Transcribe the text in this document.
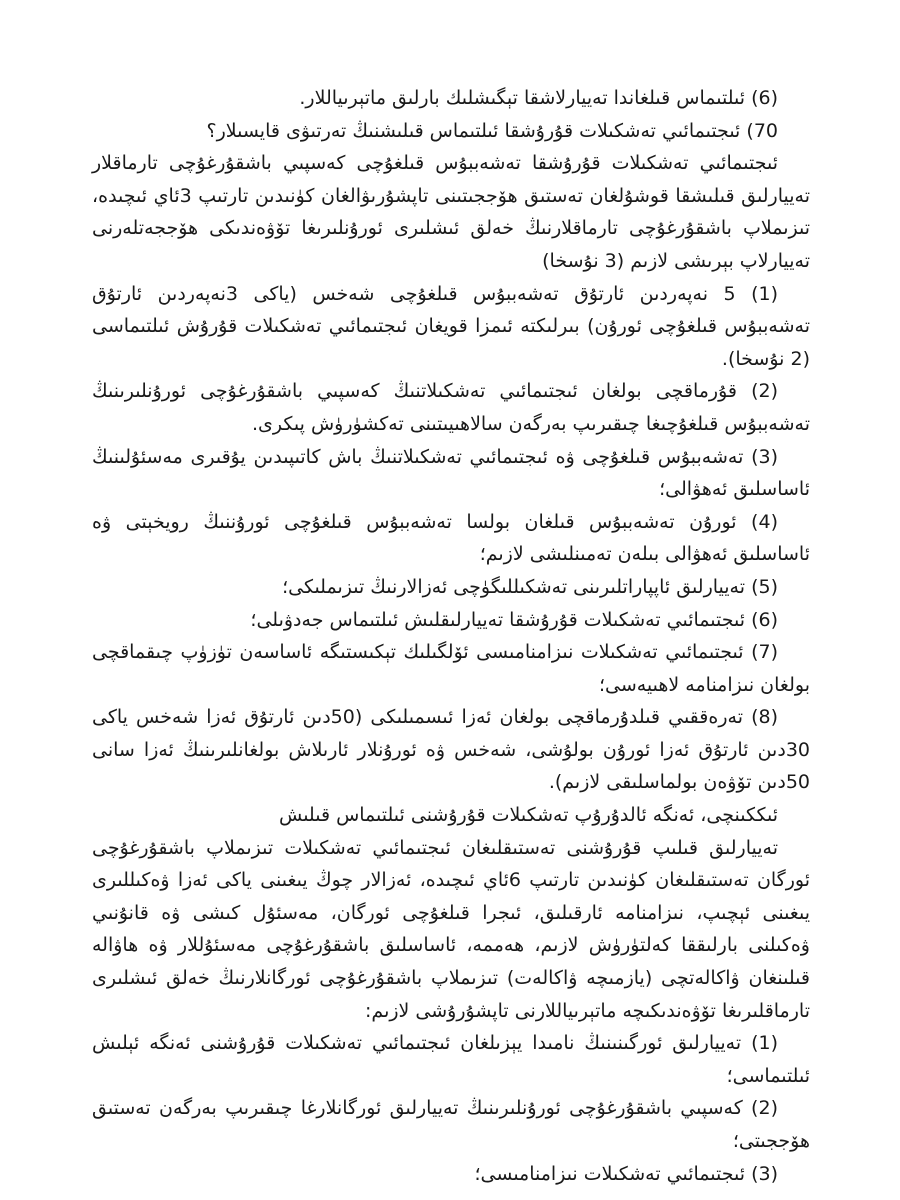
(6) ئىلتىماس قىلغاندا تەييارلاشقا تېگىشلىك بارلىق ماتېرىياللار.

70) ئىجتىمائىي تەشكىلات قۇرۇشقا ئىلتىماس قىلىشنىڭ تەرتىۋى قايسىلار؟

ئىجتىمائىي تەشكىلات قۇرۇشقا تەشەببۇس قىلغۇچى كەسپىي باشقۇرغۇچى تارماقلار تەييارلىق قىلىشقا قوشۇلغان تەستىق ھۆججىتىنى تاپشۇرىۋالغان كۈنىدىن تارتىپ 3ئاي ئىچىدە، تىزىملاپ باشقۇرغۇچى تارماقلارنىڭ خەلق ئىشلىرى ئورۇنلىرىغا تۆۋەندىكى ھۆججەتلەرنى تەييارلاپ بېرىشى لازىم (3 نۇسخا)

(1) 5 نەپەردىن ئارتۇق تەشەببۇس قىلغۇچى شەخس (ياكى 3نەپەردىن ئارتۇق تەشەببۇس قىلغۇچى ئورۇن) بىرلىكتە ئىمزا قويغان ئىجتىمائىي تەشكىلات قۇرۇش ئىلتىماسى (2 نۇسخا).

(2) قۇرماقچى بولغان ئىجتىمائىي تەشكىلاتنىڭ كەسپىي باشقۇرغۇچى ئورۇنلىرىنىڭ تەشەببۇس قىلغۇچىغا چىقىرىپ بەرگەن سالاھىيىتىنى تەكشۈرۈش پىكرى.

(3) تەشەببۇس قىلغۇچى ۋە ئىجتىمائىي تەشكىلاتنىڭ باش كاتىپىدىن يۇقىرى مەسئۇلىنىڭ ئاساسلىق ئەھۋالى؛

(4) ئورۇن تەشەببۇس قىلغان بولسا تەشەببۇس قىلغۇچى ئورۇننىڭ رويخېتى ۋە ئاساسلىق ئەھۋالى بىلەن تەمىنلىشى لازىم؛

(5) تەييارلىق ئاپپاراتلىرىنى تەشكىللىگۈچى ئەزالارنىڭ تىزىملىكى؛

(6) ئىجتىمائىي تەشكىلات قۇرۇشقا تەييارلىقلىش ئىلتىماس جەدۋىلى؛

(7) ئىجتىمائىي تەشكىلات نىزامنامىسى ئۆلگىلىك تېكىستىگە ئاساسەن تۈزۈپ چىقماقچى بولغان نىزامنامە لاھىيەسى؛

(8) تەرەققىي قىلدۇرماقچى بولغان ئەزا ئىسمىلىكى (50دىن ئارتۇق ئەزا شەخس ياكى 30دىن ئارتۇق ئەزا ئورۇن بولۇشى، شەخس ۋە ئورۇنلار ئارىلاش بولغانلىرىنىڭ ئەزا سانى 50دىن تۆۋەن بولماسلىقى لازىم).

ئىككىنچى، ئەنگە ئالدۇرۇپ تەشكىلات قۇرۇشنى ئىلتىماس قىلىش

تەييارلىق قىلىپ قۇرۇشنى تەستىقلىغان ئىجتىمائىي تەشكىلات تىزىملاپ باشقۇرغۇچى ئورگان تەستىقلىغان كۈنىدىن تارتىپ 6ئاي ئىچىدە، ئەزالار چوڭ يىغىنى ياكى ئەزا ۋەكىللىرى يىغىنى ئېچىپ، نىزامنامە ئارقىلىق، ئىجرا قىلغۇچى ئورگان، مەسئۇل كىشى ۋە قانۇنىي ۋەكىلنى بارلىققا كەلتۈرۈش لازىم، ھەممە، ئاساسلىق باشقۇرغۇچى مەسئۇللار ۋە ھاۋالە قىلىنغان ۋاكالەتچى (يازمىچە ۋاكالەت) تىزىملاپ باشقۇرغۇچى ئورگانلارنىڭ خەلق ئىشلىرى تارماقلىرىغا تۆۋەندىكىچە ماتېرىياللارنى تاپشۇرۇشى لازىم:

(1) تەييارلىق ئورگىنىنىڭ نامىدا يېزىلغان ئىجتىمائىي تەشكىلات قۇرۇشنى ئەنگە ئېلىش ئىلتىماسى؛

(2) كەسپىي باشقۇرغۇچى ئورۇنلىرىنىڭ تەييارلىق ئورگانلارغا چىقىرىپ بەرگەن تەستىق ھۆججىتى؛

(3) ئىجتىمائىي تەشكىلات نىزامنامىسى؛
